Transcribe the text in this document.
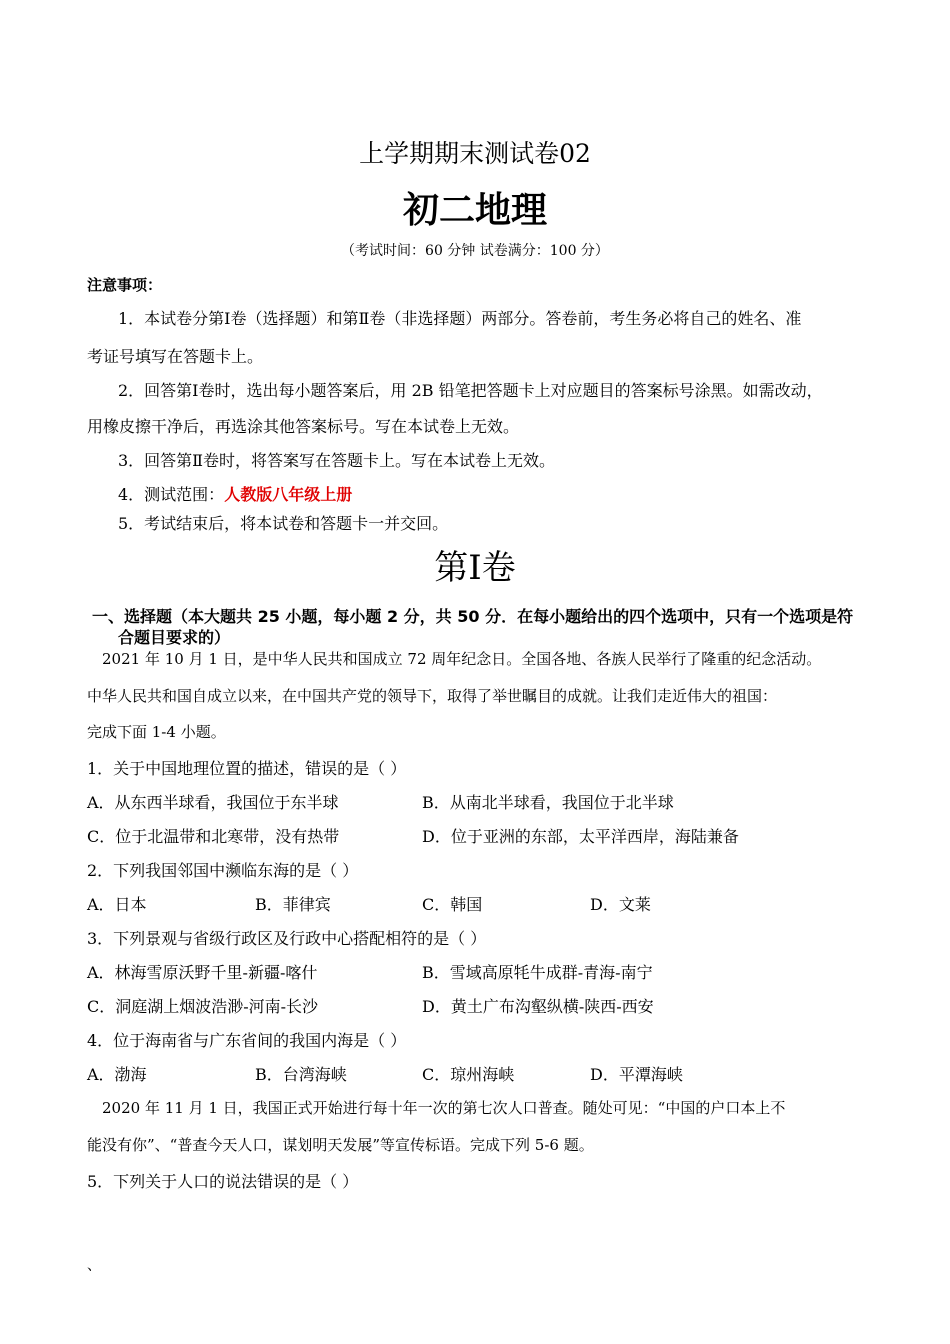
上学期期末测试卷02
初二地理
（考试时间：60 分钟 试卷满分：100 分）
注意事项：
1．本试卷分第Ⅰ卷（选择题）和第Ⅱ卷（非选择题）两部分。答卷前，考生务必将自己的姓名、准
考证号填写在答题卡上。
2．回答第Ⅰ卷时，选出每小题答案后，用 2B 铅笔把答题卡上对应题目的答案标号涂黑。如需改动，
用橡皮擦干净后，再选涂其他答案标号。写在本试卷上无效。
3．回答第Ⅱ卷时，将答案写在答题卡上。写在本试卷上无效。
4．测试范围：人教版八年级上册
5．考试结束后，将本试卷和答题卡一并交回。
第Ⅰ卷
一、选择题（本大题共 25 小题，每小题 2 分，共 50 分．在每小题给出的四个选项中，只有一个选项是符
合题目要求的）
2021 年 10 月 1 日，是中华人民共和国成立 72 周年纪念日。全国各地、各族人民举行了隆重的纪念活动。
中华人民共和国自成立以来，在中国共产党的领导下，取得了举世瞩目的成就。让我们走近伟大的祖国：
完成下面 1-4 小题。
1．关于中国地理位置的描述，错误的是（ ）
A．从东西半球看，我国位于东半球	B．从南北半球看，我国位于北半球
C．位于北温带和北寒带，没有热带	D．位于亚洲的东部，太平洋西岸，海陆兼备
2．下列我国邻国中濒临东海的是（ ）
A．日本	B．菲律宾	C．韩国	D．文莱
3．下列景观与省级行政区及行政中心搭配相符的是（ ）
A．林海雪原沃野千里-新疆-喀什	B．雪域高原牦牛成群-青海-南宁
C．洞庭湖上烟波浩渺-河南-长沙	D．黄土广布沟壑纵横-陕西-西安
4．位于海南省与广东省间的我国内海是（ ）
A．渤海	B．台湾海峡	C．琼州海峡	D．平潭海峡
2020 年 11 月 1 日，我国正式开始进行每十年一次的第七次人口普查。随处可见：“中国的户口本上不
能没有你”、“普查今天人口，谋划明天发展”等宣传标语。完成下列 5-6 题。
5．下列关于人口的说法错误的是（ ）
、
